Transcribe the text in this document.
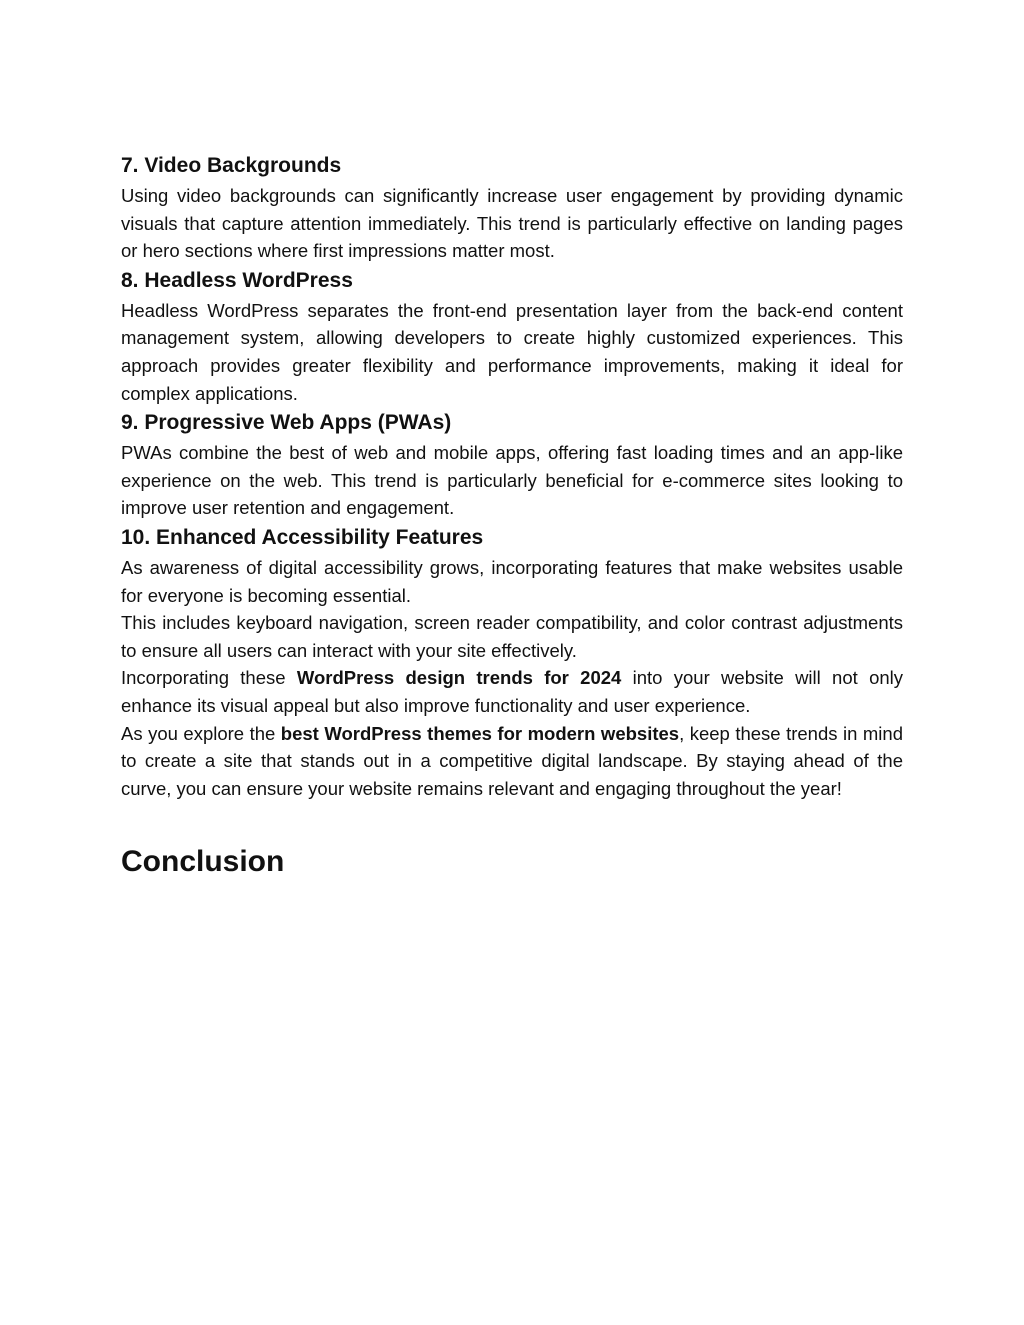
7. Video Backgrounds

Using video backgrounds can significantly increase user engagement by providing dynamic visuals that capture attention immediately. This trend is particularly effective on landing pages or hero sections where first impressions matter most.

8. Headless WordPress

Headless WordPress separates the front-end presentation layer from the back-end content management system, allowing developers to create highly customized experiences. This approach provides greater flexibility and performance improvements, making it ideal for complex applications.

9. Progressive Web Apps (PWAs)

PWAs combine the best of web and mobile apps, offering fast loading times and an app-like experience on the web. This trend is particularly beneficial for e-commerce sites looking to improve user retention and engagement.

10. Enhanced Accessibility Features

As awareness of digital accessibility grows, incorporating features that make websites usable for everyone is becoming essential.

This includes keyboard navigation, screen reader compatibility, and color contrast adjustments to ensure all users can interact with your site effectively.

Incorporating these WordPress design trends for 2024 into your website will not only enhance its visual appeal but also improve functionality and user experience.

As you explore the best WordPress themes for modern websites, keep these trends in mind to create a site that stands out in a competitive digital landscape. By staying ahead of the curve, you can ensure your website remains relevant and engaging throughout the year!

Conclusion
